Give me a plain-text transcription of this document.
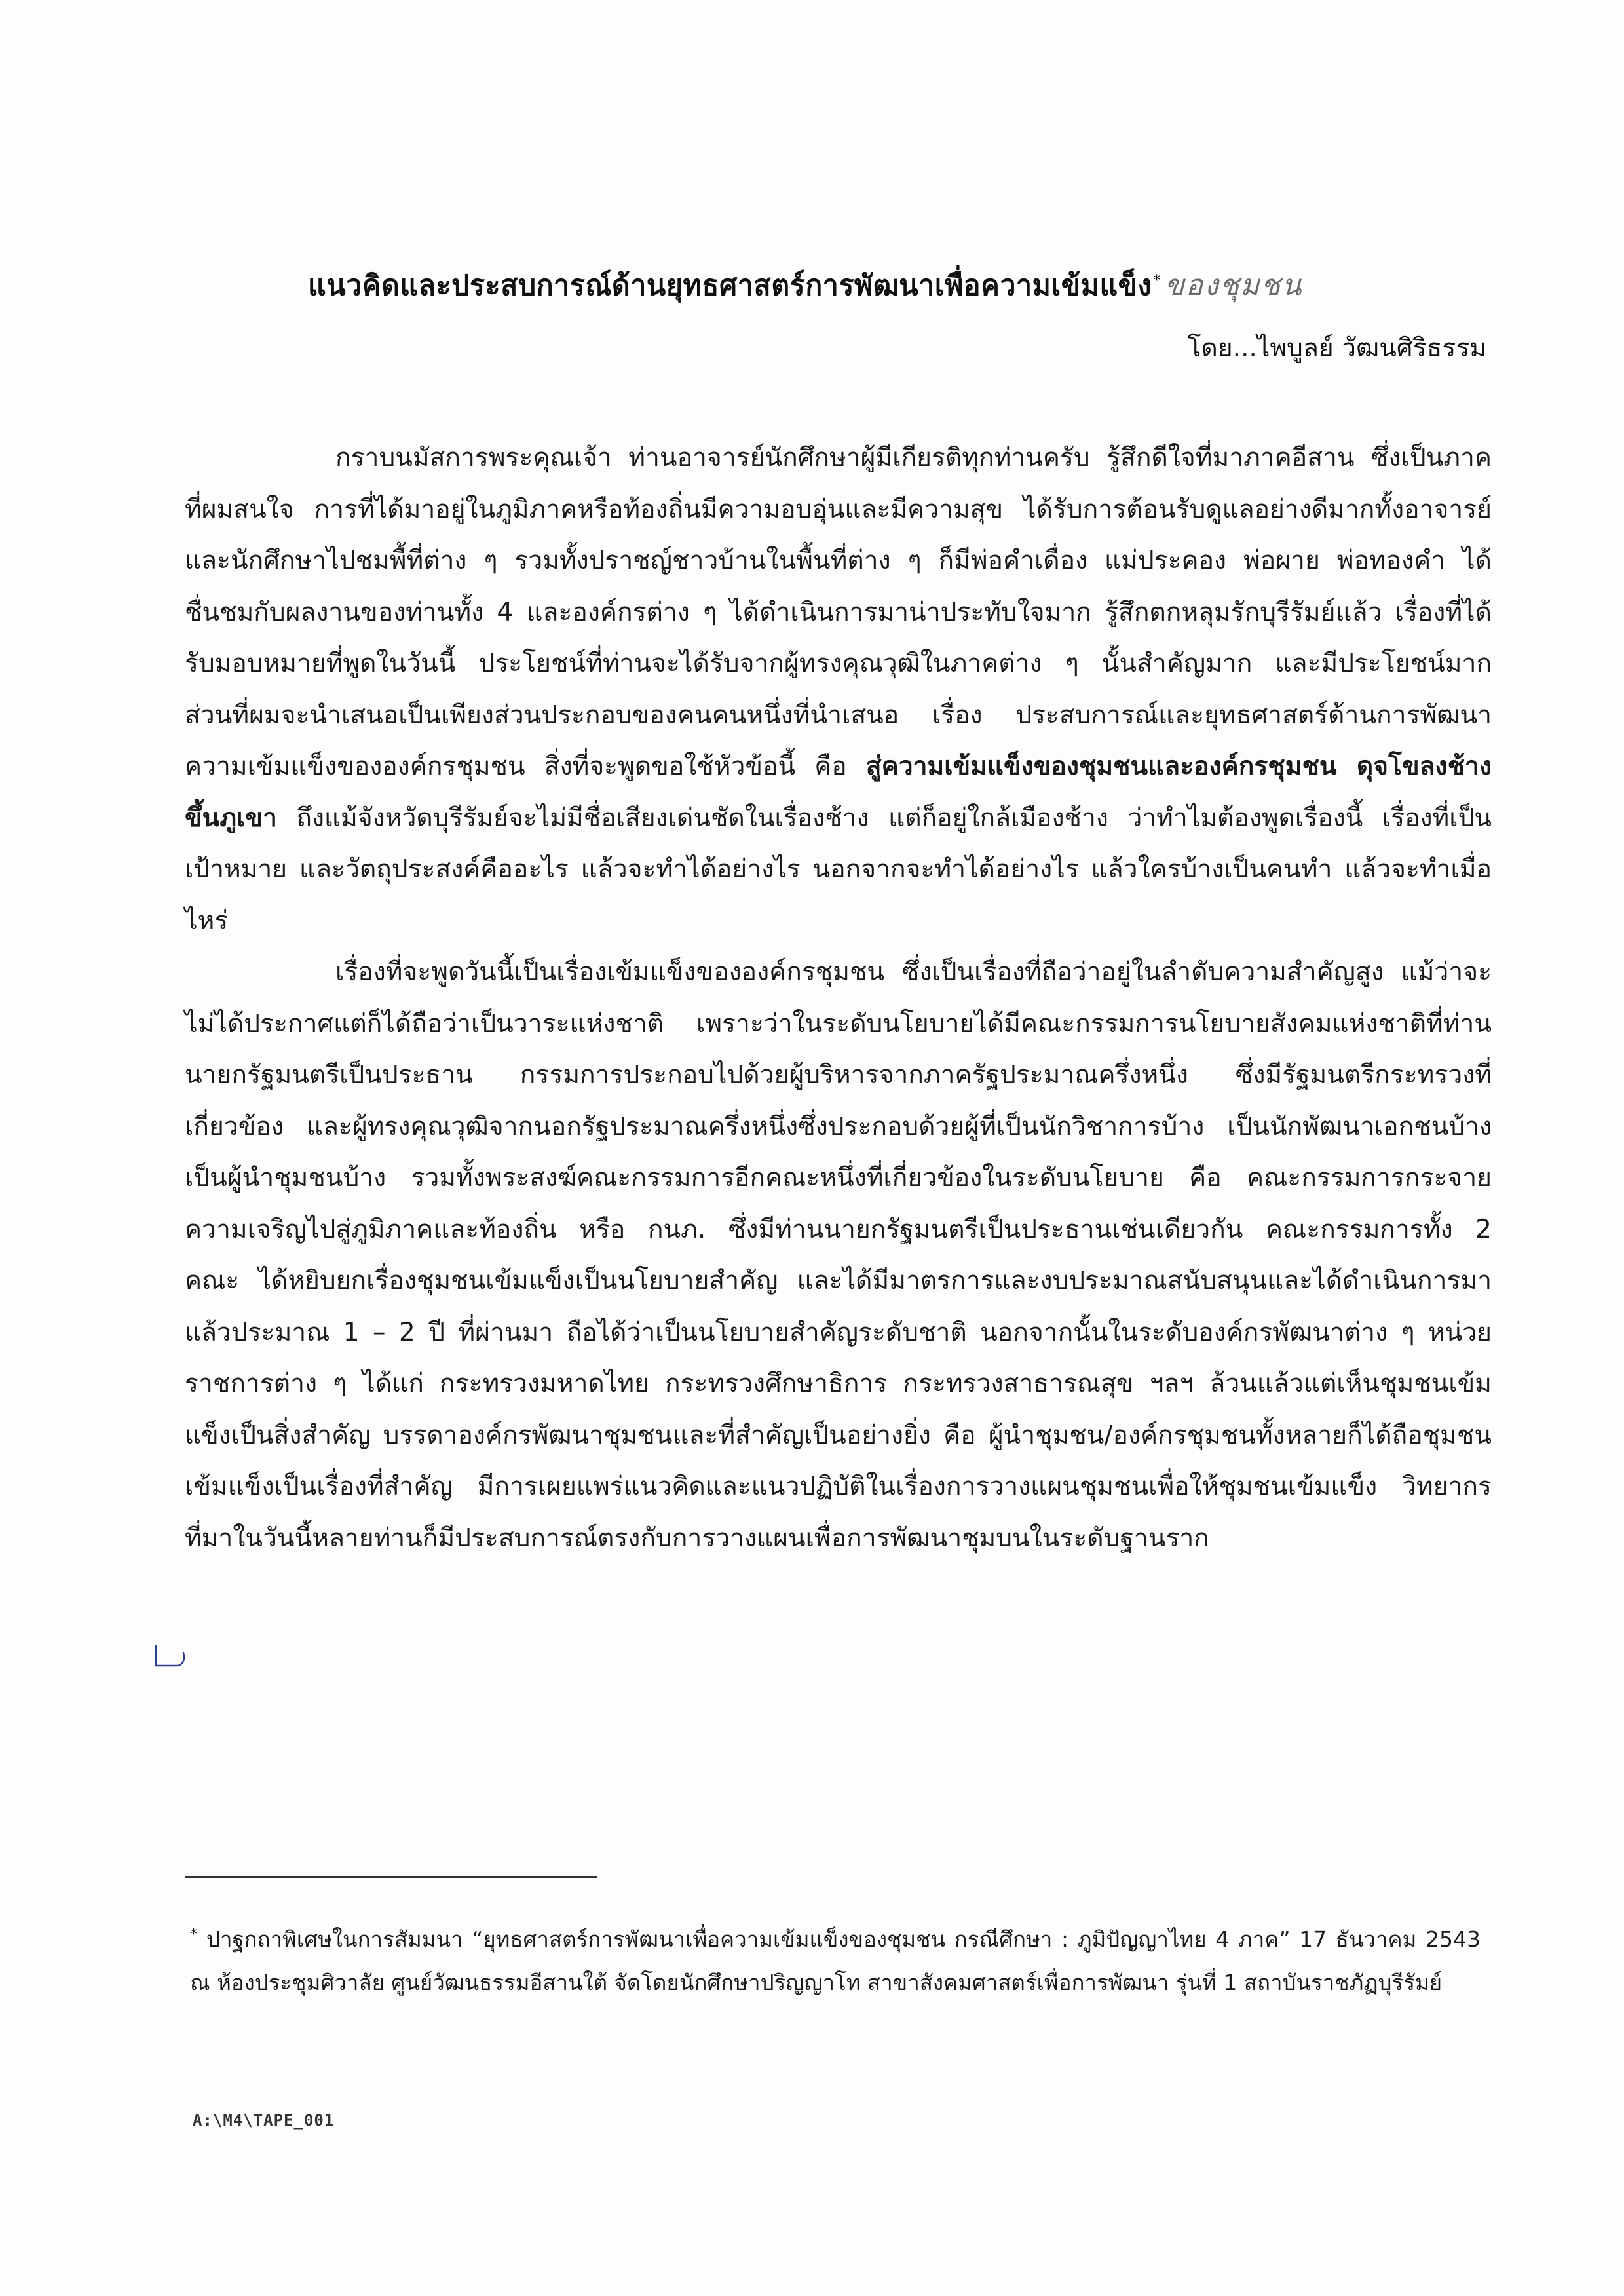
แนวคิดและประสบการณ์ด้านยุทธศาสตร์การพัฒนาเพื่อความเข้มแข็ง* ของชุมชน
โดย...ไพบูลย์ วัฒนศิริธรรม

กราบนมัสการพระคุณเจ้า ท่านอาจารย์นักศึกษาผู้มีเกียรติทุกท่านครับ รู้สึกดีใจที่มาภาคอีสาน ซึ่งเป็นภาคที่ผมสนใจ การที่ได้มาอยู่ในภูมิภาคหรือท้องถิ่นมีความอบอุ่นและมีความสุข ได้รับการต้อนรับดูแลอย่างดีมากทั้งอาจารย์และนักศึกษาไปชมพื้ที่ต่าง ๆ รวมทั้งปราชญ์ชาวบ้านในพื้นที่ต่าง ๆ ก็มีพ่อคำเดื่อง แม่ประคอง พ่อผาย พ่อทองคำ ได้ชื่นชมกับผลงานของท่านทั้ง 4 และองค์กรต่าง ๆ ได้ดำเนินการมาน่าประทับใจมาก รู้สึกตกหลุมรักบุรีรัมย์แล้ว เรื่องที่ได้รับมอบหมายที่พูดในวันนี้ ประโยชน์ที่ท่านจะได้รับจากผู้ทรงคุณวุฒิในภาคต่าง ๆ นั้นสำคัญมาก และมีประโยชน์มาก ส่วนที่ผมจะนำเสนอเป็นเพียงส่วนประกอบของคนคนหนึ่งที่นำเสนอ เรื่อง ประสบการณ์และยุทธศาสตร์ด้านการพัฒนาความเข้มแข็งขององค์กรชุมชน สิ่งที่จะพูดขอใช้หัวข้อนี้ คือ สู่ความเข้มแข็งของชุมชนและองค์กรชุมชน ดุจโขลงช้างขึ้นภูเขา ถึงแม้จังหวัดบุรีรัมย์จะไม่มีชื่อเสียงเด่นชัดในเรื่องช้าง แต่ก็อยู่ใกล้เมืองช้าง ว่าทำไมต้องพูดเรื่องนี้ เรื่องที่เป็นเป้าหมาย และวัตถุประสงค์คืออะไร แล้วจะทำได้อย่างไร นอกจากจะทำได้อย่างไร แล้วใครบ้างเป็นคนทำ แล้วจะทำเมื่อไหร่

เรื่องที่จะพูดวันนี้เป็นเรื่องเข้มแข็งขององค์กรชุมชน ซึ่งเป็นเรื่องที่ถือว่าอยู่ในลำดับความสำคัญสูง แม้ว่าจะไม่ได้ประกาศแต่ก็ได้ถือว่าเป็นวาระแห่งชาติ เพราะว่าในระดับนโยบายได้มีคณะกรรมการนโยบายสังคมแห่งชาติที่ท่านนายกรัฐมนตรีเป็นประธาน กรรมการประกอบไปด้วยผู้บริหารจากภาครัฐประมาณครึ่งหนึ่ง ซึ่งมีรัฐมนตรีกระทรวงที่เกี่ยวข้อง และผู้ทรงคุณวุฒิจากนอกรัฐประมาณครึ่งหนึ่งซึ่งประกอบด้วยผู้ที่เป็นนักวิชาการบ้าง เป็นนักพัฒนาเอกชนบ้าง เป็นผู้นำชุมชนบ้าง รวมทั้งพระสงฆ์คณะกรรมการอีกคณะหนึ่งที่เกี่ยวข้องในระดับนโยบาย คือ คณะกรรมการกระจายความเจริญไปสู่ภูมิภาคและท้องถิ่น หรือ กนภ. ซึ่งมีท่านนายกรัฐมนตรีเป็นประธานเช่นเดียวกัน คณะกรรมการทั้ง 2 คณะ ได้หยิบยกเรื่องชุมชนเข้มแข็งเป็นนโยบายสำคัญ และได้มีมาตรการและงบประมาณสนับสนุนและได้ดำเนินการมาแล้วประมาณ 1 – 2 ปี ที่ผ่านมา ถือได้ว่าเป็นนโยบายสำคัญระดับชาติ นอกจากนั้นในระดับองค์กรพัฒนาต่าง ๆ หน่วยราชการต่าง ๆ ได้แก่ กระทรวงมหาดไทย กระทรวงศึกษาธิการ กระทรวงสาธารณสุข ฯลฯ ล้วนแล้วแต่เห็นชุมชนเข้มแข็งเป็นสิ่งสำคัญ บรรดาองค์กรพัฒนาชุมชนและที่สำคัญเป็นอย่างยิ่ง คือ ผู้นำชุมชน/องค์กรชุมชนทั้งหลายก็ได้ถือชุมชนเข้มแข็งเป็นเรื่องที่สำคัญ มีการเผยแพร่แนวคิดและแนวปฏิบัติในเรื่องการวางแผนชุมชนเพื่อให้ชุมชนเข้มแข็ง วิทยากรที่มาในวันนี้หลายท่านก็มีประสบการณ์ตรงกับการวางแผนเพื่อการพัฒนาชุมบนในระดับฐานราก

* ปาฐกถาพิเศษในการสัมมนา “ยุทธศาสตร์การพัฒนาเพื่อความเข้มแข็งของชุมชน กรณีศึกษา : ภูมิปัญญาไทย 4 ภาค” 17 ธันวาคม 2543 ณ ห้องประชุมศิวาลัย ศูนย์วัฒนธรรมอีสานใต้ จัดโดยนักศึกษาปริญญาโท สาขาสังคมศาสตร์เพื่อการพัฒนา รุ่นที่ 1 สถาบันราชภัฏบุรีรัมย์
A:\M4\TAPE_001
